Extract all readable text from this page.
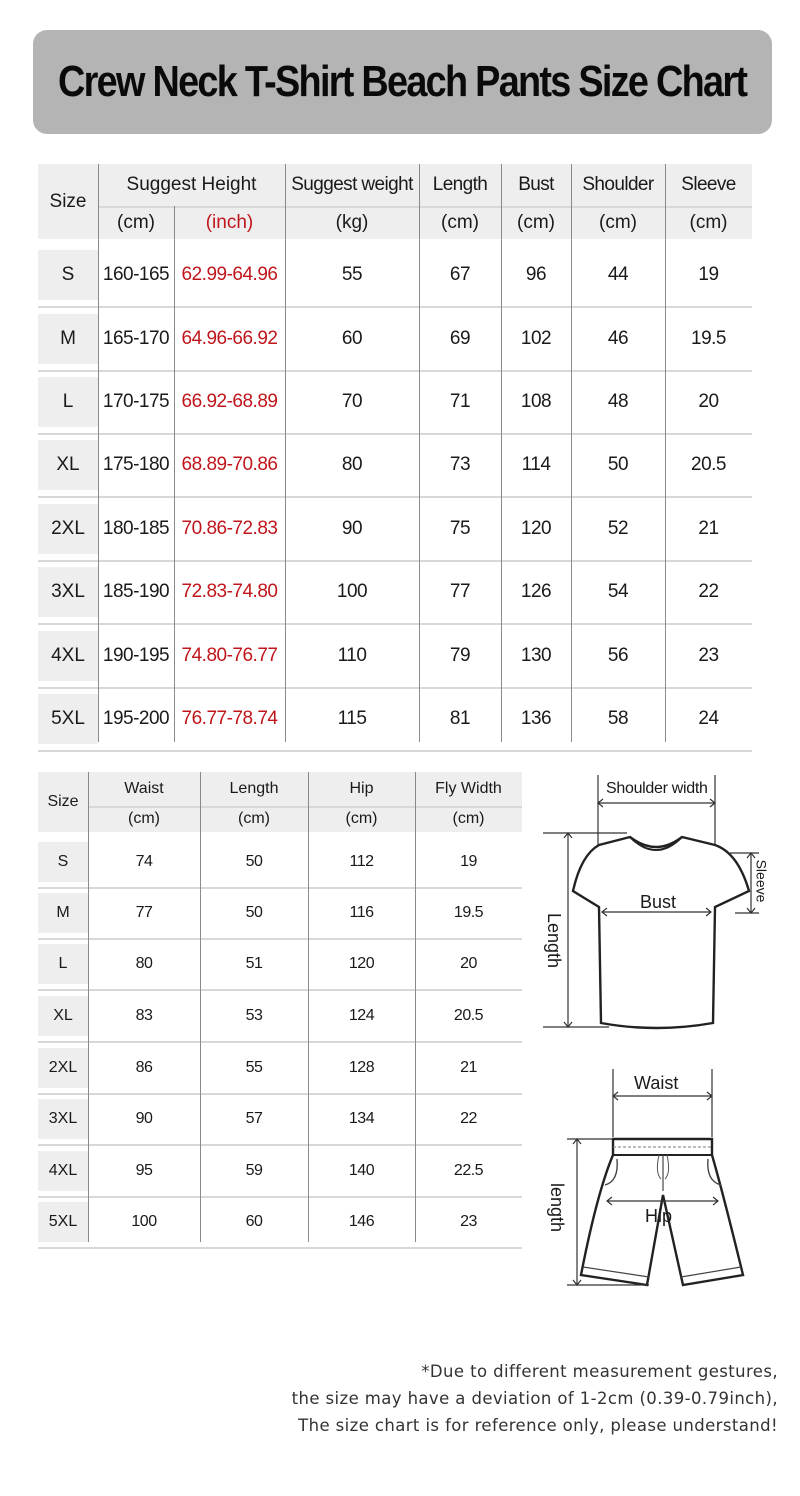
Crew Neck T-Shirt Beach Pants Size Chart
Size
Suggest Height
(cm)	(inch)
Suggest weight
(kg)
Length
(cm)
Bust
(cm)
Shoulder
(cm)
Sleeve
(cm)
S	160-165 62.99-64.96	55	67	96	44	19
M	165-170 64.96-66.92	60	69	102	46	19.5
L	170-175 66.92-68.89	70	71	108	48	20
XL	175-180 68.89-70.86	80	73	114	50	20.5
2XL 180-185 70.86-72.83	90	75	120	52	21
3XL 185-190 72.83-74.80	100	77	126	54	22
4XL 190-195 74.80-76.77	110	79	130	56	23
5XL 195-200 76.77-78.74	115	81	136	58	24
Size
Waist
(cm)
Length
(cm)
Hip
(cm)
Fly Width
(cm)
S	74	50	112	19
M	77	50	116	19.5
L	80	51	120	20
XL	83	53	124	20.5
2XL	86	55	128	21
3XL	90	57	134	22
4XL	95	59	140	22.5
5XL	100	60	146	23
Shoulder width
Bust
Length
Sleeve
Waist
Hip
length
*Due to different measurement gestures,
the size may have a deviation of 1-2cm (0.39-0.79inch),
The size chart is for reference only, please understand!
